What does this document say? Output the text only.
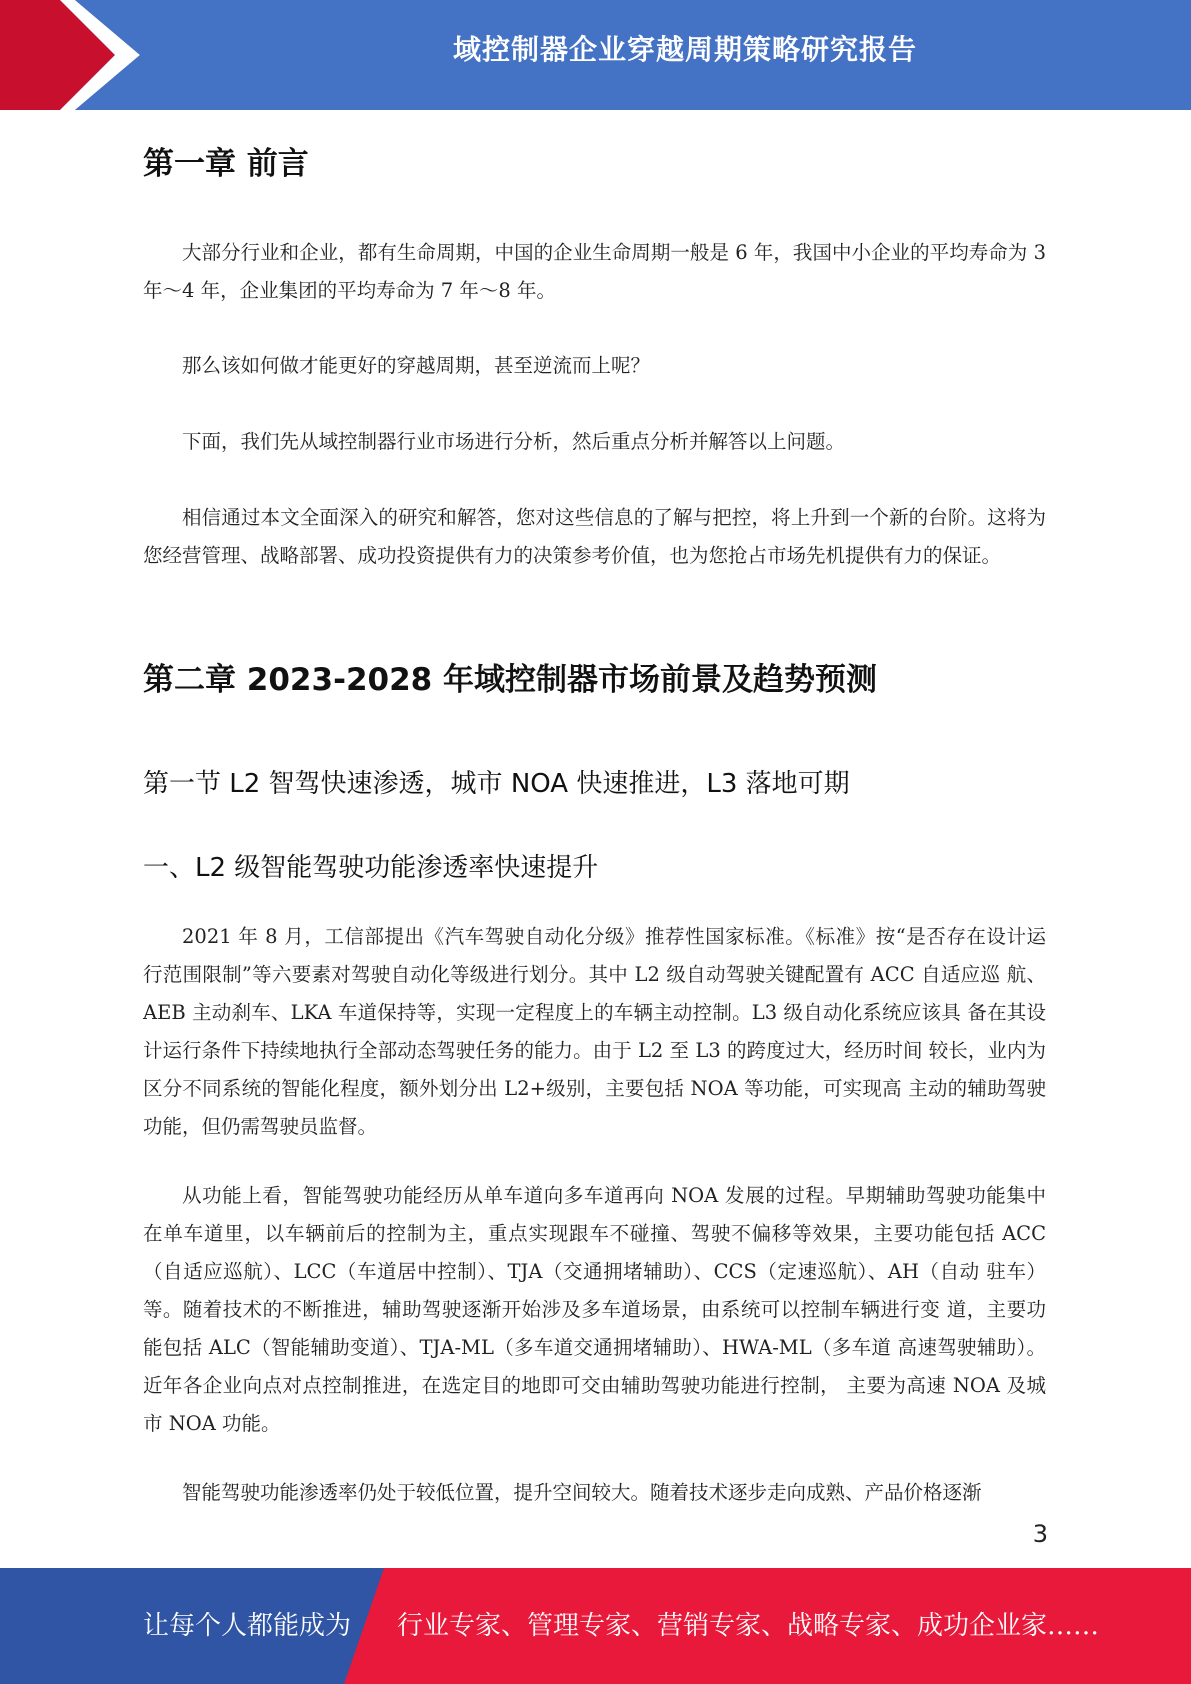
域控制器企业穿越周期策略研究报告
第一章 前言

大部分行业和企业，都有生命周期，中国的企业生命周期一般是 6 年，我国中小企业的平均寿命为 3 年～4 年，企业集团的平均寿命为 7 年～8 年。

那么该如何做才能更好的穿越周期，甚至逆流而上呢？

下面，我们先从域控制器行业市场进行分析，然后重点分析并解答以上问题。

相信通过本文全面深入的研究和解答，您对这些信息的了解与把控，将上升到一个新的台阶。这将为您经营管理、战略部署、成功投资提供有力的决策参考价值，也为您抢占市场先机提供有力的保证。

第二章 2023-2028 年域控制器市场前景及趋势预测
第一节 L2 智驾快速渗透，城市 NOA 快速推进，L3 落地可期
一、L2 级智能驾驶功能渗透率快速提升

2021 年 8 月，工信部提出《汽车驾驶自动化分级》推荐性国家标准。《标准》按“是否存在设计运 行范围限制”等六要素对驾驶自动化等级进行划分。其中 L2 级自动驾驶关键配置有 ACC 自适应巡 航、AEB 主动刹车、LKA 车道保持等，实现一定程度上的车辆主动控制。L3 级自动化系统应该具 备在其设计运行条件下持续地执行全部动态驾驶任务的能力。由于 L2 至 L3 的跨度过大，经历时间 较长，业内为区分不同系统的智能化程度，额外划分出 L2+级别，主要包括 NOA 等功能，可实现高 主动的辅助驾驶功能，但仍需驾驶员监督。

从功能上看，智能驾驶功能经历从单车道向多车道再向 NOA 发展的过程。早期辅助驾驶功能集中 在单车道里，以车辆前后的控制为主，重点实现跟车不碰撞、驾驶不偏移等效果，主要功能包括 ACC （自适应巡航）、LCC（车道居中控制）、TJA（交通拥堵辅助）、CCS（定速巡航）、AH（自动 驻车）等。随着技术的不断推进，辅助驾驶逐渐开始涉及多车道场景，由系统可以控制车辆进行变 道，主要功能包括 ALC（智能辅助变道）、TJA-ML（多车道交通拥堵辅助）、HWA-ML（多车道 高速驾驶辅助）。近年各企业向点对点控制推进，在选定目的地即可交由辅助驾驶功能进行控制， 主要为高速 NOA 及城市 NOA 功能。

智能驾驶功能渗透率仍处于较低位置，提升空间较大。随着技术逐步走向成熟、产品价格逐渐

3
让每个人都能成为 行业专家、管理专家、营销专家、战略专家、成功企业家……
